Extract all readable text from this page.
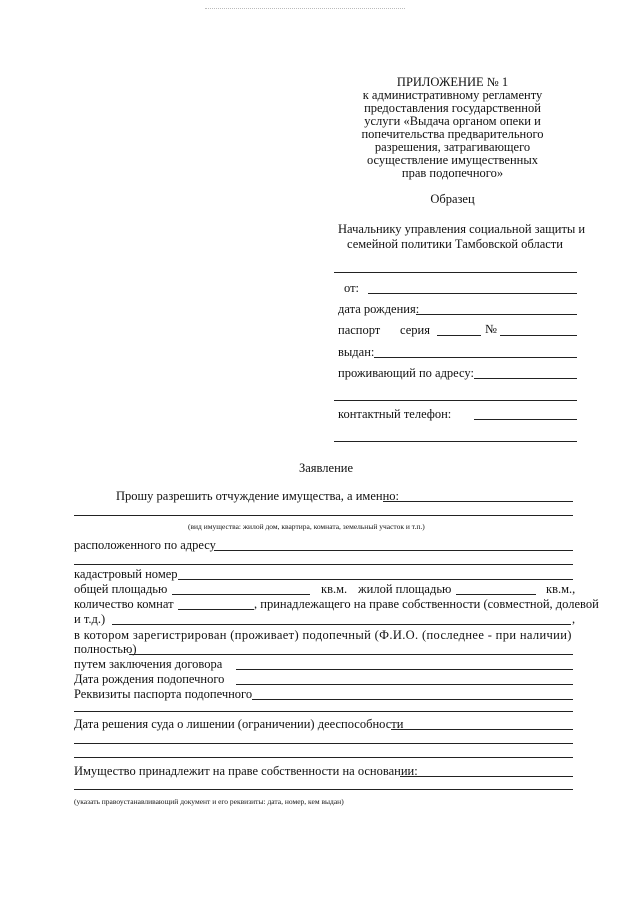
ПРИЛОЖЕНИЕ № 1
к административному регламенту
предоставления государственной
услуги «Выдача органом опеки и
попечительства предварительного
разрешения, затрагивающего
осуществление имущественных
прав подопечного»
Образец
Начальнику управления социальной защиты и
семейной политики Тамбовской области
от:
дата рождения:
паспорт серия	№
выдан:
проживающий по адресу:
контактный телефон:
Заявление
Прошу разрешить отчуждение имущества, а именно:
(вид имущества: жилой дом, квартира, комната, земельный участок и т.п.)
расположенного по адресу
кадастровый номер
общей площадью	кв.м. жилой площадью	кв.м.,
количество комнат	, принадлежащего на праве собственности (совместной, долевой
и т.д.)	,
в котором зарегистрирован (проживает) подопечный (Ф.И.О. (последнее - при наличии)
полностью)
путем заключения договора
Дата рождения подопечного
Реквизиты паспорта подопечного
Дата решения суда о лишении (ограничении) дееспособности
Имущество принадлежит на праве собственности на основании:
(указать правоустанавливающий документ и его реквизиты: дата, номер, кем выдан)
